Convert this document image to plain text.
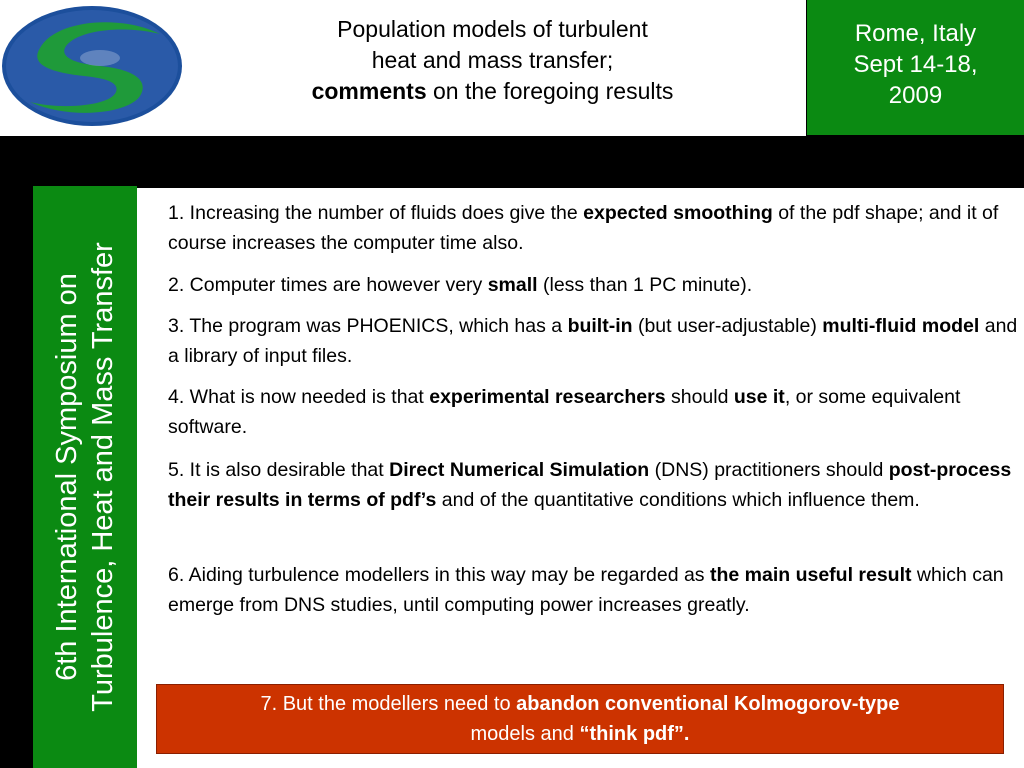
Population models of turbulent
heat and mass transfer;
comments on the foregoing results
Rome, Italy
Sept 14-18,
2009
6th International Symposium on Turbulence, Heat and Mass Transfer

1. Increasing the number of fluids does give the expected smoothing of the pdf shape; and it of course increases the computer time also.

2. Computer times are however very small (less than 1 PC minute).

3. The program was PHOENICS, which has a built-in (but user-adjustable) multi-fluid model and a library of input files.

4. What is now needed is that experimental researchers should use it, or some equivalent software.

5. It is also desirable that Direct Numerical Simulation (DNS) practitioners should post-process their results in terms of pdf’s and of the quantitative conditions which influence them.

6. Aiding turbulence modellers in this way may be regarded as the main useful result which can emerge from DNS studies, until computing power increases greatly.

7. But the modellers need to abandon conventional Kolmogorov-type
models and “think pdf”.
